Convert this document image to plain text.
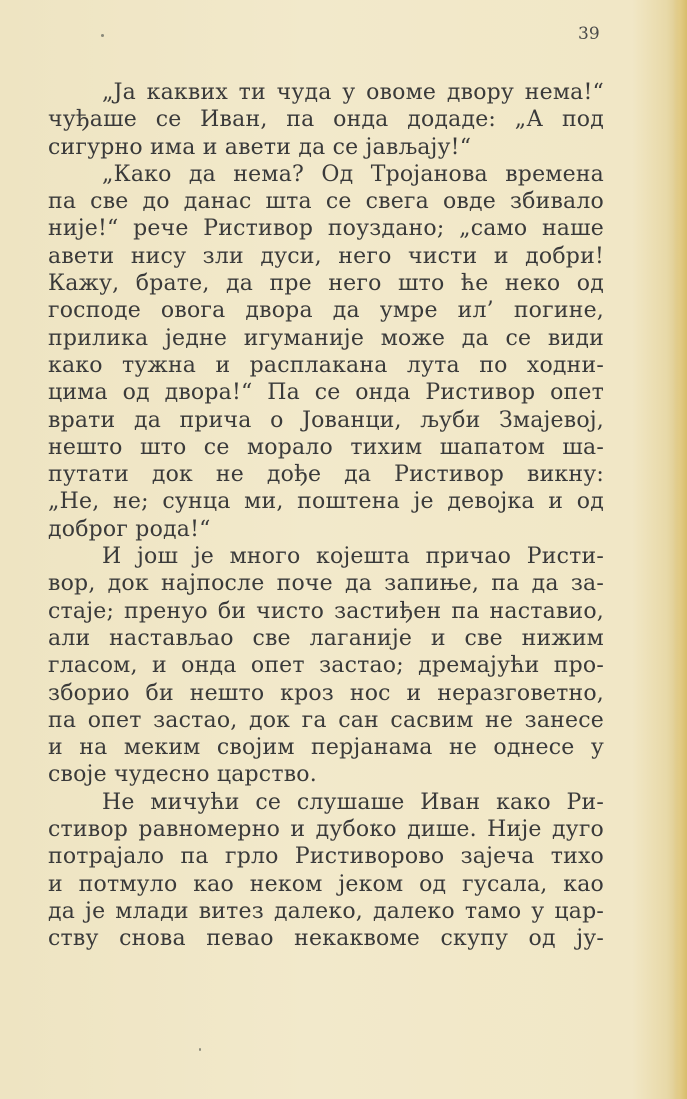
39
„Ја каквих ти чуда у овоме двору нема!“
чуђаше се Иван, па онда додаде: „А под
сигурно има и авети да се јављају!“
„Како да нема? Од Тројанова времена
па све до данас шта се свега овде збивало
није!“ рече Ристивор поуздано; „само наше
авети нису зли дуси, него чисти и добри!
Кажу, брате, да пре него што ће неко од
господе овога двора да умре ил’ погине,
прилика једне игуманије може да се види
како тужна и расплакана лута по ходни-
цима од двора!“ Па се онда Ристивор опет
врати да прича о Јованци, љуби Змајевој,
нешто што се морало тихим шапатом ша-
путати док не дође да Ристивор викну:
„Не, не; сунца ми, поштена је девојка и од
доброг рода!“
И још је много којешта причао Ристи-
вор, док најпосле поче да запиње, па да за-
стаје; пренуо би чисто застиђен па наставио,
али настављао све лаганије и све нижим
гласом, и онда опет застао; дремајући про-
зборио би нешто кроз нос и неразговетно,
па опет застао, док га сан сасвим не занесе
и на меким својим перјанама не однесе у
своје чудесно царство.
Не мичући се слушаше Иван како Ри-
стивор равномерно и дубоко дише. Није дуго
потрајало па грло Ристиворово зајеча тихо
и потмуло као неком јеком од гусала, као
да је млади витез далеко, далеко тамо у цар-
ству снова певао некаквоме скупу од ју-
